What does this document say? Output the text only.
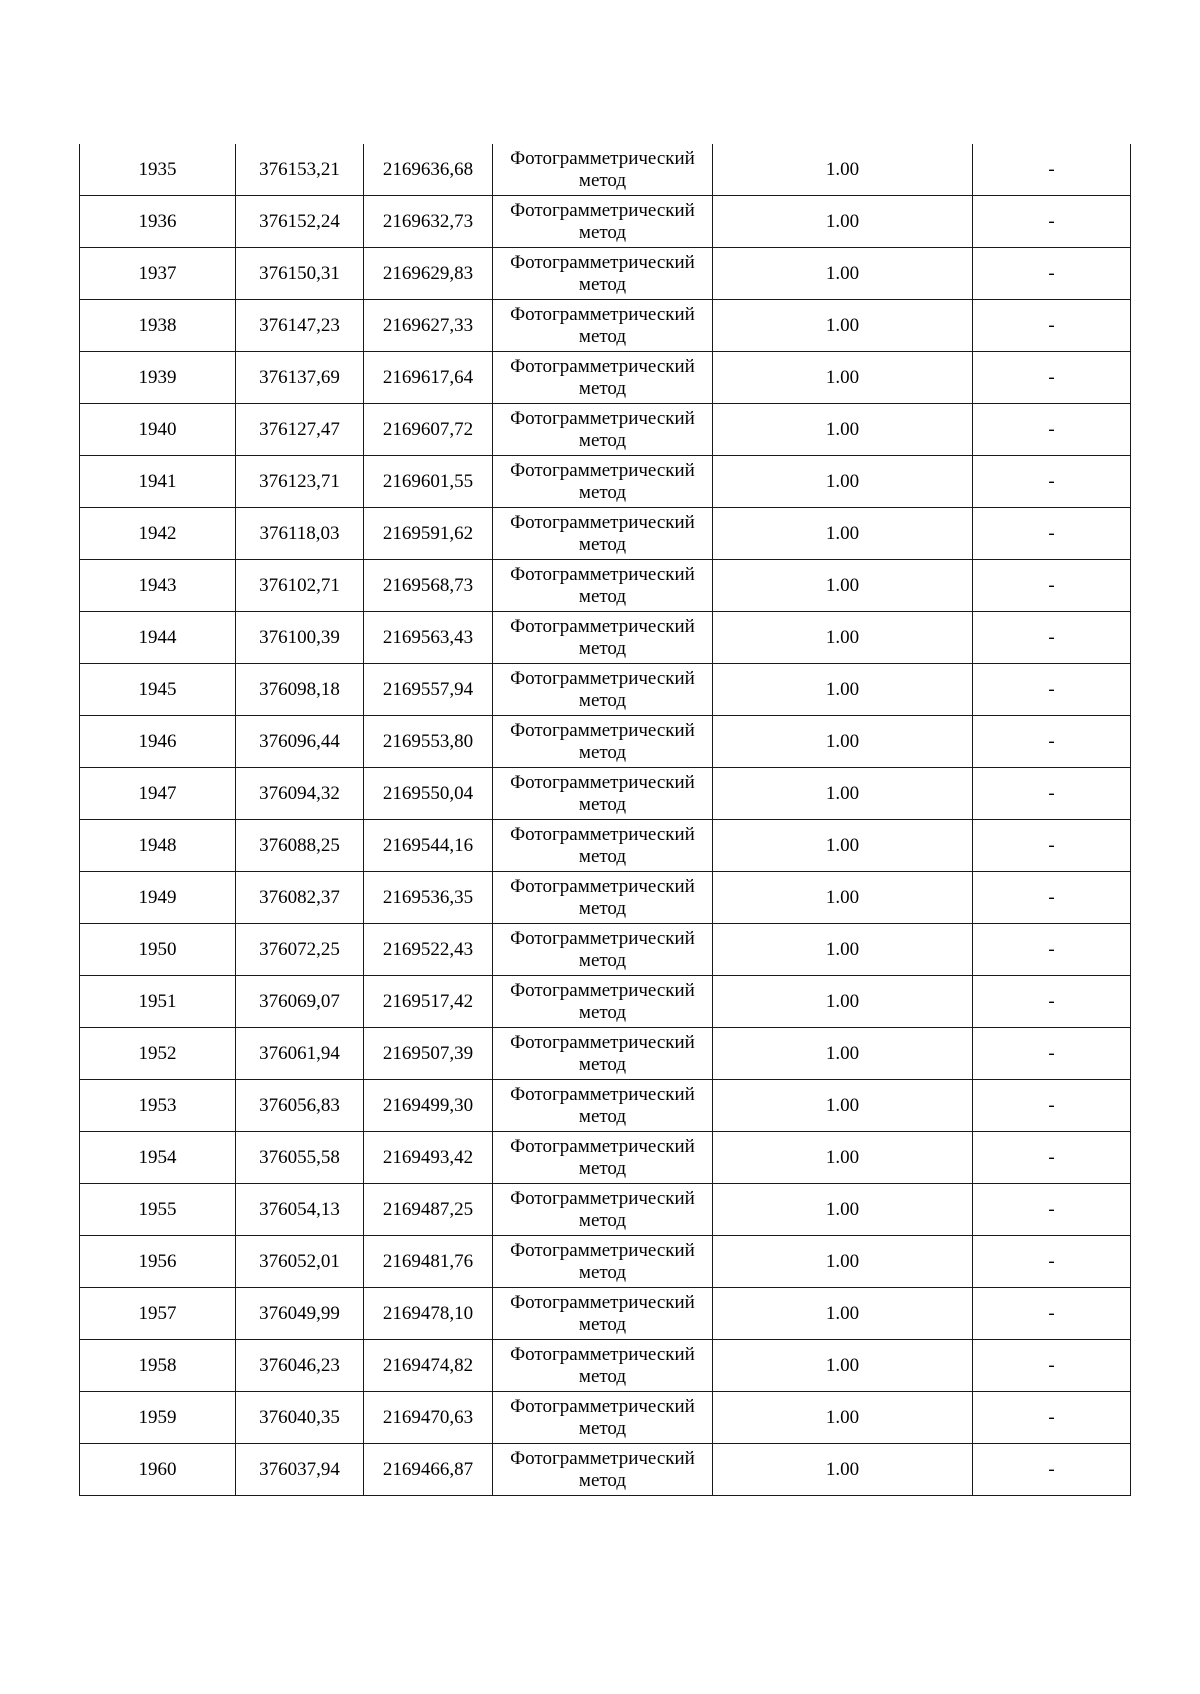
1935	376153,21	2169636,68	Фотограмметрический
метод	1.00	-
1936	376152,24	2169632,73	Фотограмметрический
метод	1.00	-
1937	376150,31	2169629,83	Фотограмметрический
метод	1.00	-
1938	376147,23	2169627,33	Фотограмметрический
метод	1.00	-
1939	376137,69	2169617,64	Фотограмметрический
метод	1.00	-
1940	376127,47	2169607,72	Фотограмметрический
метод	1.00	-
1941	376123,71	2169601,55	Фотограмметрический
метод	1.00	-
1942	376118,03	2169591,62	Фотограмметрический
метод	1.00	-
1943	376102,71	2169568,73	Фотограмметрический
метод	1.00	-
1944	376100,39	2169563,43	Фотограмметрический
метод	1.00	-
1945	376098,18	2169557,94	Фотограмметрический
метод	1.00	-
1946	376096,44	2169553,80	Фотограмметрический
метод	1.00	-
1947	376094,32	2169550,04	Фотограмметрический
метод	1.00	-
1948	376088,25	2169544,16	Фотограмметрический
метод	1.00	-
1949	376082,37	2169536,35	Фотограмметрический
метод	1.00	-
1950	376072,25	2169522,43	Фотограмметрический
метод	1.00	-
1951	376069,07	2169517,42	Фотограмметрический
метод	1.00	-
1952	376061,94	2169507,39	Фотограмметрический
метод	1.00	-
1953	376056,83	2169499,30	Фотограмметрический
метод	1.00	-
1954	376055,58	2169493,42	Фотограмметрический
метод	1.00	-
1955	376054,13	2169487,25	Фотограмметрический
метод	1.00	-
1956	376052,01	2169481,76	Фотограмметрический
метод	1.00	-
1957	376049,99	2169478,10	Фотограмметрический
метод	1.00	-
1958	376046,23	2169474,82	Фотограмметрический
метод	1.00	-
1959	376040,35	2169470,63	Фотограмметрический
метод	1.00	-
1960	376037,94	2169466,87	Фотограмметрический
метод	1.00	-
